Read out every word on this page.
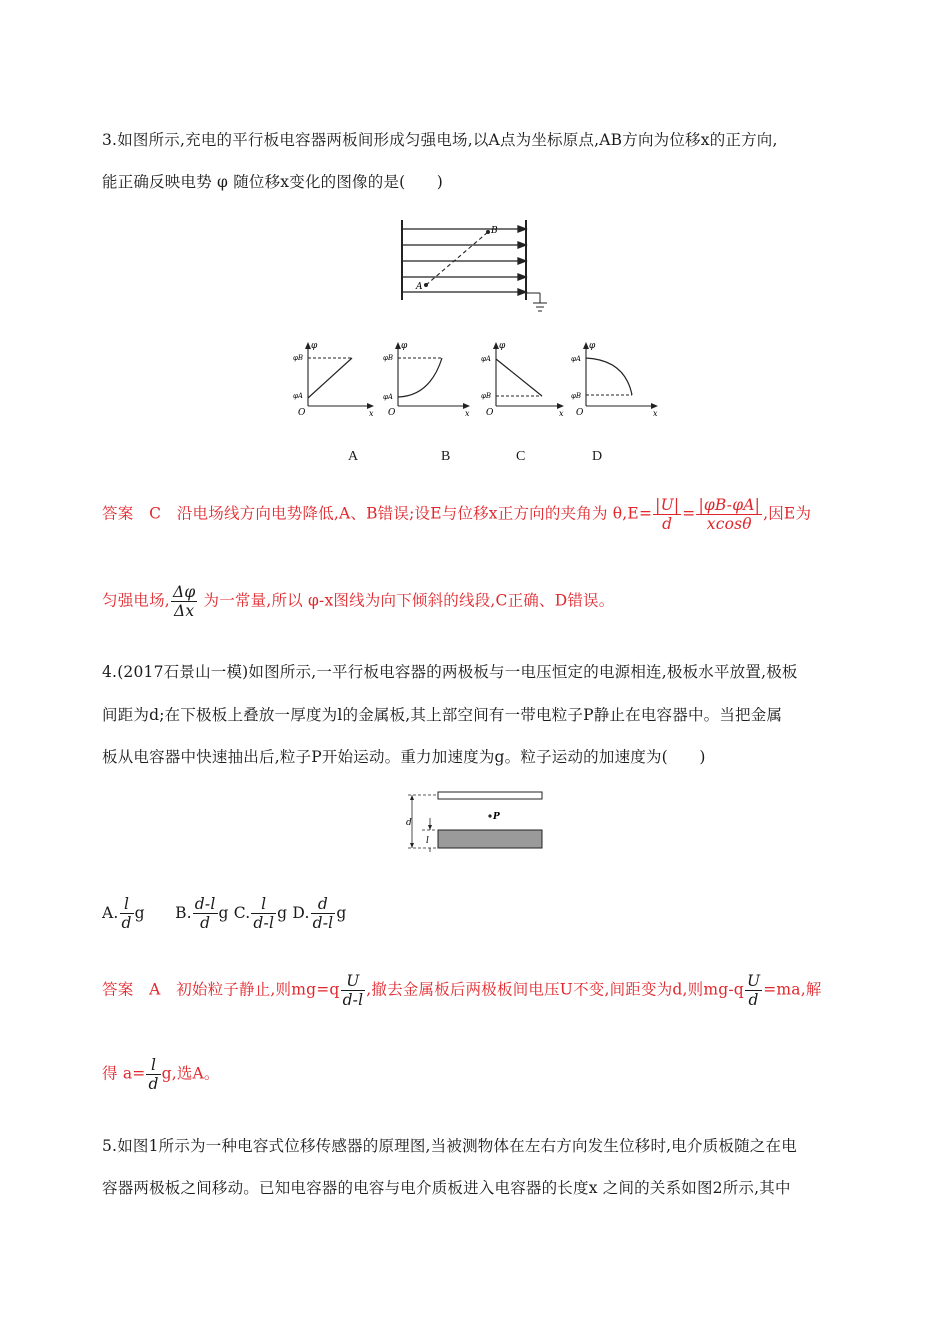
3.如图所示,充电的平行板电容器两板间形成匀强电场,以A点为坐标原点,AB方向为位移x的正方向,
能正确反映电势 φ 随位移x变化的图像的是(　　)
A
B
φ
φB
φA
O	x
φ
φB
φA
O	x
φ
φA
φB
O	x
φ
φA
φB
O	x
A	B	C	D
答案　C　沿电场线方向电势降低,A、B错误;设E与位移x正方向的夹角为 $\theta,E= \frac{|U|}{d} = \frac{|\varphi B-\varphi A|}{xcos\theta}$ ,因E为
匀强电场, $\frac{\Delta\varphi}{\Delta x}$ 为一常量,所以 φ-x图线为向下倾斜的线段,C正确、D错误。
4.(2017石景山一模)如图所示,一平行板电容器的两极板与一电压恒定的电源相连,极板水平放置,极板
间距为d;在下极板上叠放一厚度为l的金属板,其上部空间有一带电粒子P静止在电容器中。当把金属
板从电容器中快速抽出后,粒子P开始运动。重力加速度为g。粒子运动的加速度为(　　)
d
l
P
A. $\frac{l}{d}$ g B. $\frac{d-l}{d}$ g C. $\frac{l}{d-l}$ g D. $\frac{d}{d-l}$ g
答案　A　初始粒子静止,则$mg=q \frac{U}{d-l}$ ,撤去金属板后两极板间电压U不变,间距变为d,则$mg-q \frac{U}{d} =ma$,解
得 $a= \frac{l}{d} g$,选A。
5.如图1所示为一种电容式位移传感器的原理图,当被测物体在左右方向发生位移时,电介质板随之在电
容器两极板之间移动。已知电容器的电容与电介质板进入电容器的长度x 之间的关系如图2所示,其中
